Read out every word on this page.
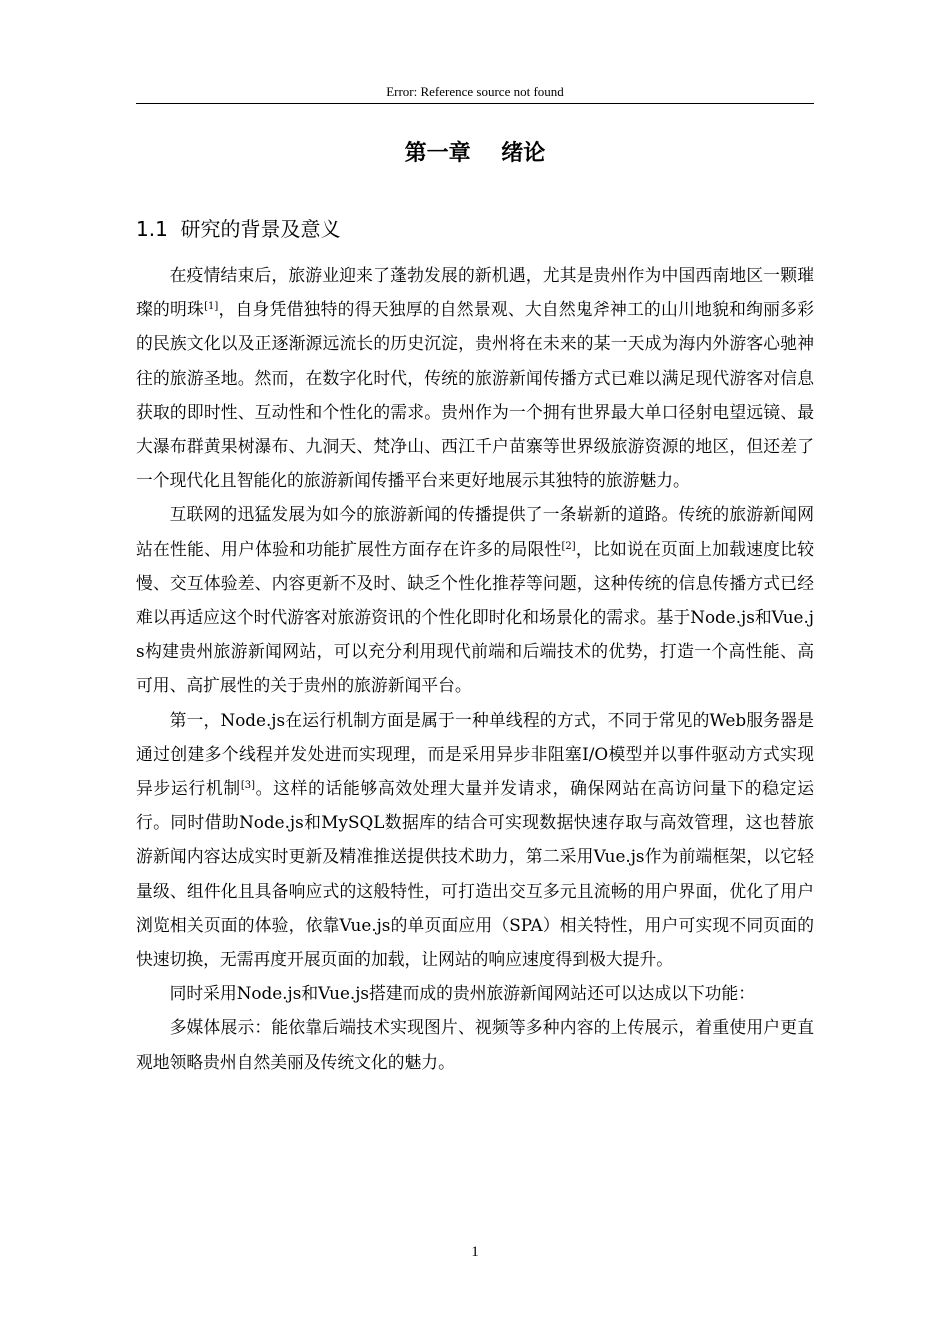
Error: Reference source not found
第一章    绪论
1.1  研究的背景及意义

在疫情结束后，旅游业迎来了蓬勃发展的新机遇，尤其是贵州作为中国西南地区一颗璀璨的明珠[1]，自身凭借独特的得天独厚的自然景观、大自然鬼斧神工的山川地貌和绚丽多彩的民族文化以及正逐渐源远流长的历史沉淀，贵州将在未来的某一天成为海内外游客心驰神往的旅游圣地。然而，在数字化时代，传统的旅游新闻传播方式已难以满足现代游客对信息获取的即时性、互动性和个性化的需求。贵州作为一个拥有世界最大单口径射电望远镜、最大瀑布群黄果树瀑布、九洞天、梵净山、西江千户苗寨等世界级旅游资源的地区，但还差了一个现代化且智能化的旅游新闻传播平台来更好地展示其独特的旅游魅力。

互联网的迅猛发展为如今的旅游新闻的传播提供了一条崭新的道路。传统的旅游新闻网站在性能、用户体验和功能扩展性方面存在许多的局限性[2]，比如说在页面上加载速度比较慢、交互体验差、内容更新不及时、缺乏个性化推荐等问题，这种传统的信息传播方式已经难以再适应这个时代游客对旅游资讯的个性化即时化和场景化的需求。基于Node.js和Vue.js构建贵州旅游新闻网站，可以充分利用现代前端和后端技术的优势，打造一个高性能、高可用、高扩展性的关于贵州的旅游新闻平台。

第一，Node.js在运行机制方面是属于一种单线程的方式，不同于常见的Web服务器是通过创建多个线程并发处进而实现理，而是采用异步非阻塞I/O模型并以事件驱动方式实现异步运行机制[3]。这样的话能够高效处理大量并发请求，确保网站在高访问量下的稳定运行。同时借助Node.js和MySQL数据库的结合可实现数据快速存取与高效管理，这也替旅游新闻内容达成实时更新及精准推送提供技术助力，第二采用Vue.js作为前端框架，以它轻量级、组件化且具备响应式的这般特性，可打造出交互多元且流畅的用户界面，优化了用户浏览相关页面的体验，依靠Vue.js的单页面应用（SPA）相关特性，用户可实现不同页面的快速切换，无需再度开展页面的加载，让网站的响应速度得到极大提升。

同时采用Node.js和Vue.js搭建而成的贵州旅游新闻网站还可以达成以下功能：

多媒体展示：能依靠后端技术实现图片、视频等多种内容的上传展示，着重使用户更直观地领略贵州自然美丽及传统文化的魅力。

1
